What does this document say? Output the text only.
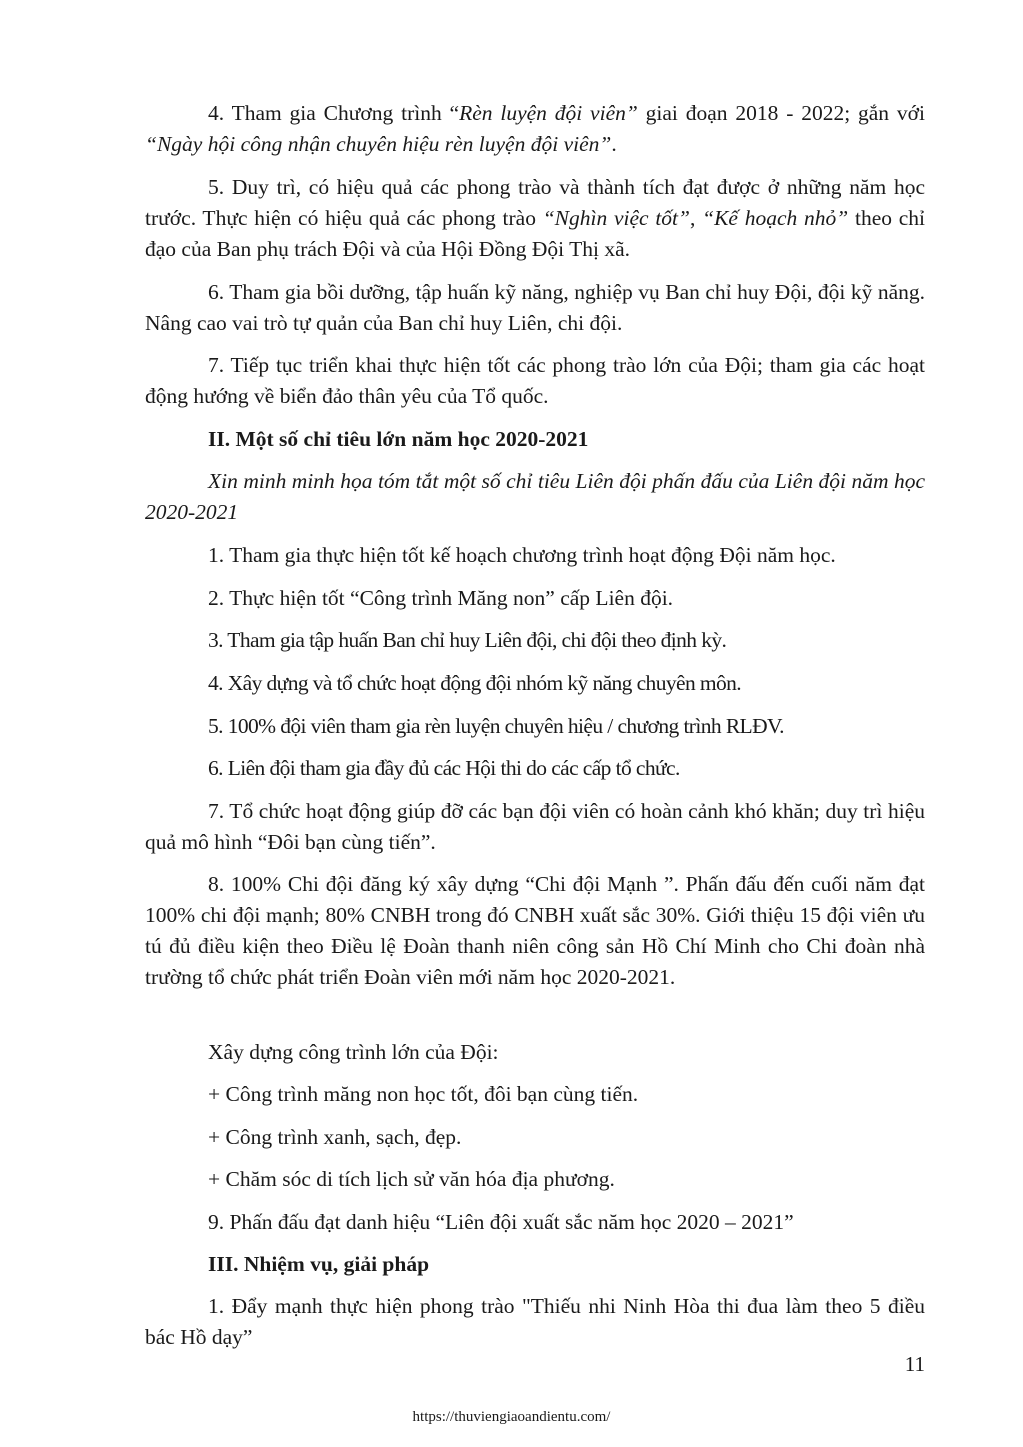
4. Tham gia Chương trình “Rèn luyện đội viên” giai đoạn 2018 - 2022; gắn với “Ngày hội công nhận chuyên hiệu rèn luyện đội viên”.

5. Duy trì, có hiệu quả các phong trào và thành tích đạt được ở những năm học trước. Thực hiện có hiệu quả các phong trào “Nghìn việc tốt”, “Kế hoạch nhỏ” theo chỉ đạo của Ban phụ trách Đội và của Hội Đồng Đội Thị xã.

6. Tham gia bồi dưỡng, tập huấn kỹ năng, nghiệp vụ Ban chỉ huy Đội, đội kỹ năng. Nâng cao vai trò tự quản của Ban chỉ huy Liên, chi đội.

7. Tiếp tục triển khai thực hiện tốt các phong trào lớn của Đội; tham gia các hoạt động hướng về biển đảo thân yêu của Tổ quốc.

II. Một số chỉ tiêu lớn năm học 2020-2021

Xin minh minh họa tóm tắt một số chỉ tiêu Liên đội phấn đấu của Liên đội năm học 2020-2021

1. Tham gia thực hiện tốt kế hoạch chương trình hoạt động Đội năm học.

2. Thực hiện tốt “Công trình Măng non” cấp Liên đội.

3. Tham gia tập huấn Ban chỉ huy Liên đội, chi đội theo định kỳ.

4. Xây dựng và tổ chức hoạt động đội nhóm kỹ năng chuyên môn.

5. 100% đội viên tham gia rèn luyện chuyên hiệu / chương trình RLĐV.

6. Liên đội tham gia đầy đủ các Hội thi do các cấp tổ chức.

7. Tổ chức hoạt động giúp đỡ các bạn đội viên có hoàn cảnh khó khăn; duy trì hiệu quả mô hình “Đôi bạn cùng tiến”.

8. 100% Chi đội đăng ký xây dựng “Chi đội Mạnh ”. Phấn đấu đến cuối năm đạt 100% chi đội mạnh; 80% CNBH trong đó CNBH xuất sắc 30%. Giới thiệu 15 đội viên ưu tú đủ điều kiện theo Điều lệ Đoàn thanh niên công sản Hồ Chí Minh cho Chi đoàn nhà trường tổ chức phát triển Đoàn viên mới năm học 2020-2021.

Xây dựng công trình lớn của Đội:

+ Công trình măng non học tốt, đôi bạn cùng tiến.

+ Công trình xanh, sạch, đẹp.

+ Chăm sóc di tích lịch sử văn hóa địa phương.

9. Phấn đấu đạt danh hiệu “Liên đội xuất sắc năm học 2020 – 2021”

III. Nhiệm vụ, giải pháp

1. Đẩy mạnh thực hiện phong trào "Thiếu nhi Ninh Hòa thi đua làm theo 5 điều bác Hồ dạy”

11
https://thuviengiaoandientu.com/
